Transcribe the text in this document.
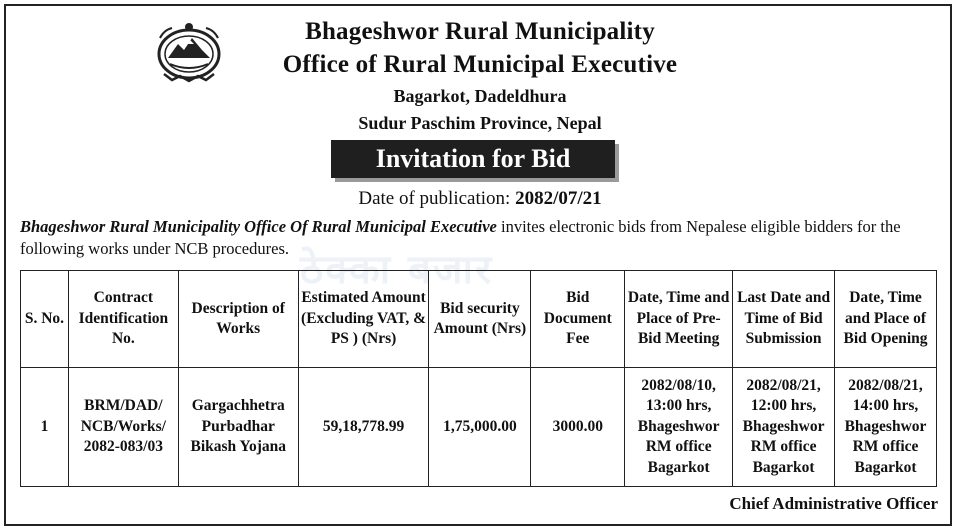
Bhageshwor Rural Municipality
Office of Rural Municipal Executive
Bagarkot, Dadeldhura
Sudur Paschim Province, Nepal
Invitation for Bid
Date of publication: 2082/07/21
ठेक्का बजार
Bhageshwor Rural Municipality Office Of Rural Municipal Executive invites electronic bids from Nepalese eligible bidders for the following works under NCB procedures.
S. No.	Contract Identification No.	Description of Works	Estimated Amount (Excluding VAT, & PS ) (Nrs)	Bid security Amount (Nrs)	Bid Document Fee	Date, Time and Place of Pre-Bid Meeting	Last Date and Time of Bid Submission	Date, Time and Place of Bid Opening
1	BRM/DAD/ NCB/Works/ 2082-083/03	Gargachhetra Purbadhar Bikash Yojana	59,18,778.99	1,75,000.00	3000.00	2082/08/10, 13:00 hrs, Bhageshwor RM office Bagarkot	2082/08/21, 12:00 hrs, Bhageshwor RM office Bagarkot	2082/08/21, 14:00 hrs, Bhageshwor RM office Bagarkot
Chief Administrative Officer
